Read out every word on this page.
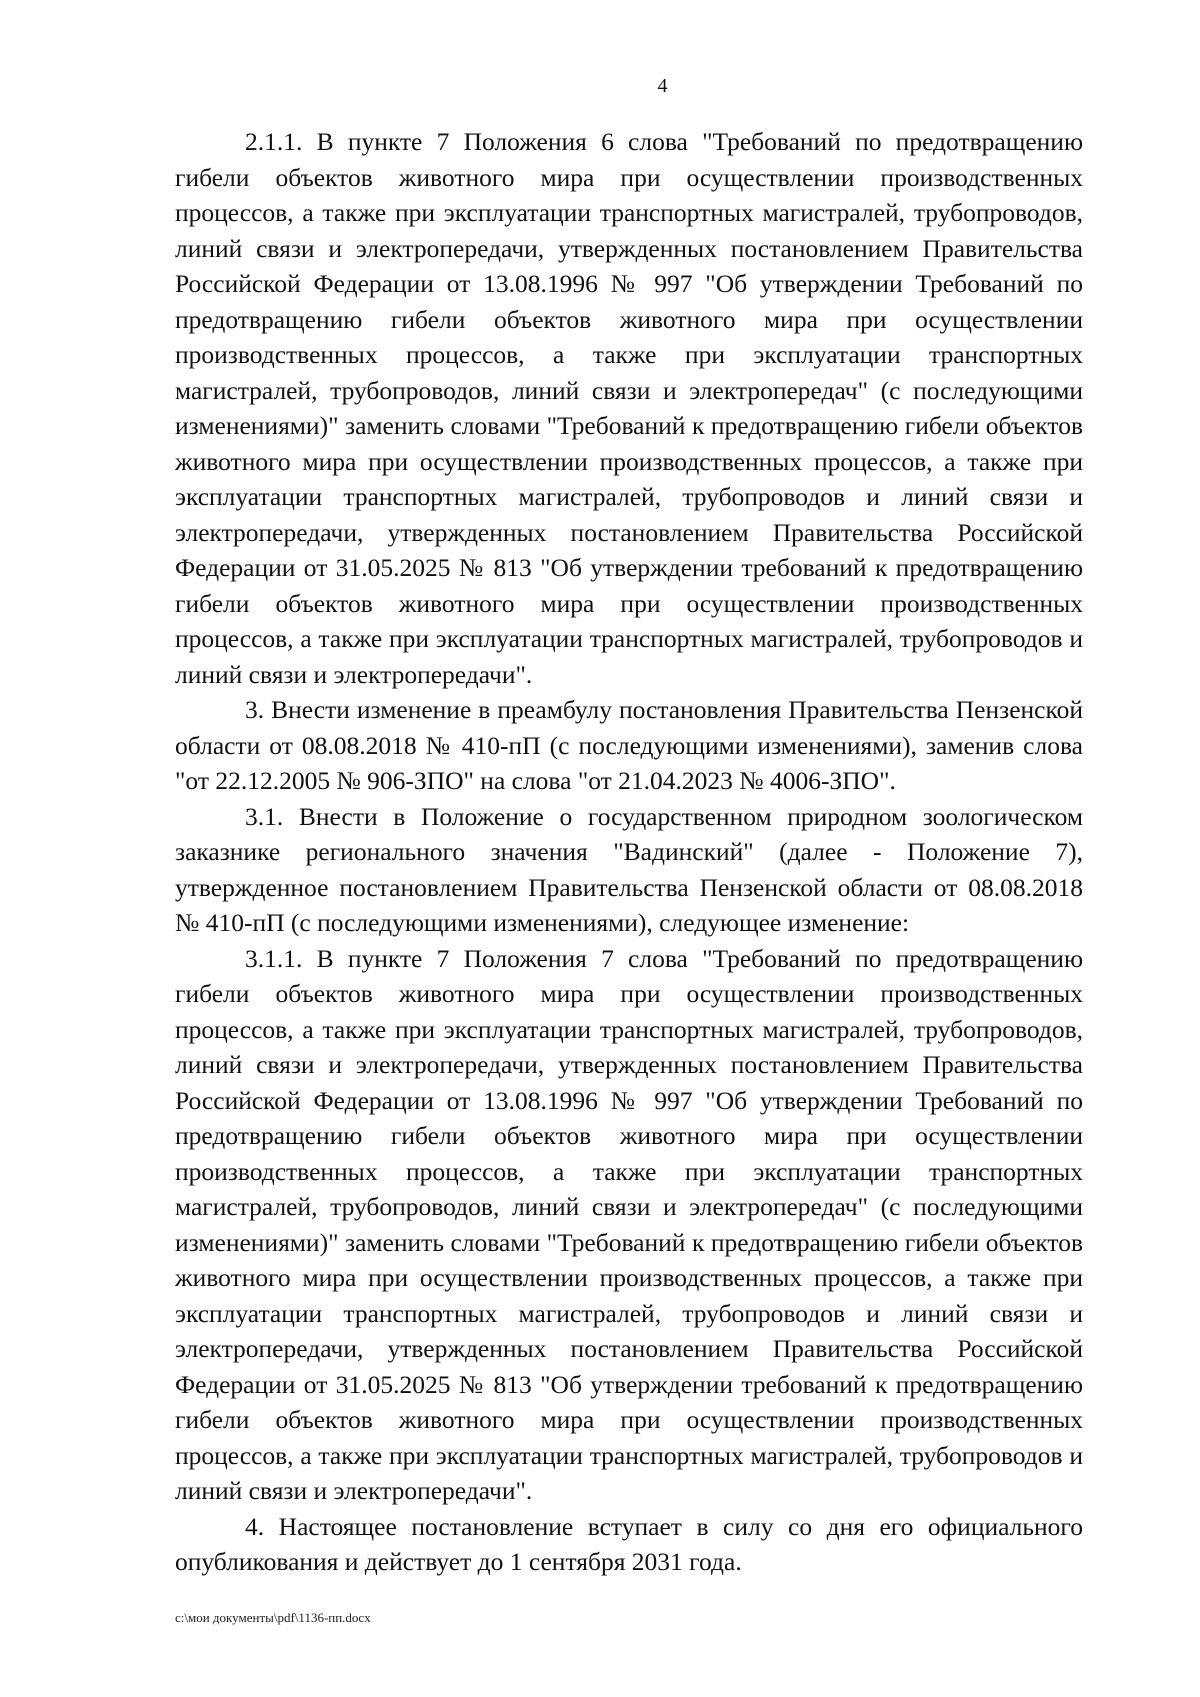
4

2.1.1. В пункте 7 Положения 6 слова "Требований по предотвращению гибели объектов животного мира при осуществлении производственных процессов, а также при эксплуатации транспортных магистралей, трубопроводов, линий связи и электропередачи, утвержденных постановлением Правительства Российской Федерации от 13.08.1996 № 997 "Об утверждении Требований по предотвращению гибели объектов животного мира при осуществлении производственных процессов, а также при эксплуатации транспортных магистралей, трубопроводов, линий связи и электропередач" (с последующими изменениями)" заменить словами "Требований к предотвращению гибели объектов животного мира при осуществлении производственных процессов, а также при эксплуатации транспортных магистралей, трубопроводов и линий связи и электропередачи, утвержденных постановлением Правительства Российской Федерации от 31.05.2025 № 813 "Об утверждении требований к предотвращению гибели объектов животного мира при осуществлении производственных процессов, а также при эксплуатации транспортных магистралей, трубопроводов и линий связи и электропередачи".

3. Внести изменение в преамбулу постановления Правительства Пензенской области от 08.08.2018 № 410-пП (с последующими изменениями), заменив слова "от 22.12.2005 № 906-ЗПО" на слова "от 21.04.2023 № 4006-ЗПО".

3.1. Внести в Положение о государственном природном зоологическом заказнике регионального значения "Вадинский" (далее - Положение 7), утвержденное постановлением Правительства Пензенской области от 08.08.2018 № 410-пП (с последующими изменениями), следующее изменение:

3.1.1. В пункте 7 Положения 7 слова "Требований по предотвращению гибели объектов животного мира при осуществлении производственных процессов, а также при эксплуатации транспортных магистралей, трубопроводов, линий связи и электропередачи, утвержденных постановлением Правительства Российской Федерации от 13.08.1996 № 997 "Об утверждении Требований по предотвращению гибели объектов животного мира при осуществлении производственных процессов, а также при эксплуатации транспортных магистралей, трубопроводов, линий связи и электропередач" (с последующими изменениями)" заменить словами "Требований к предотвращению гибели объектов животного мира при осуществлении производственных процессов, а также при эксплуатации транспортных магистралей, трубопроводов и линий связи и электропередачи, утвержденных постановлением Правительства Российской Федерации от 31.05.2025 № 813 "Об утверждении требований к предотвращению гибели объектов животного мира при осуществлении производственных процессов, а также при эксплуатации транспортных магистралей, трубопроводов и линий связи и электропередачи".

4. Настоящее постановление вступает в силу со дня его официального опубликования и действует до 1 сентября 2031 года.

c:\мои документы\pdf\1136-пп.docx
